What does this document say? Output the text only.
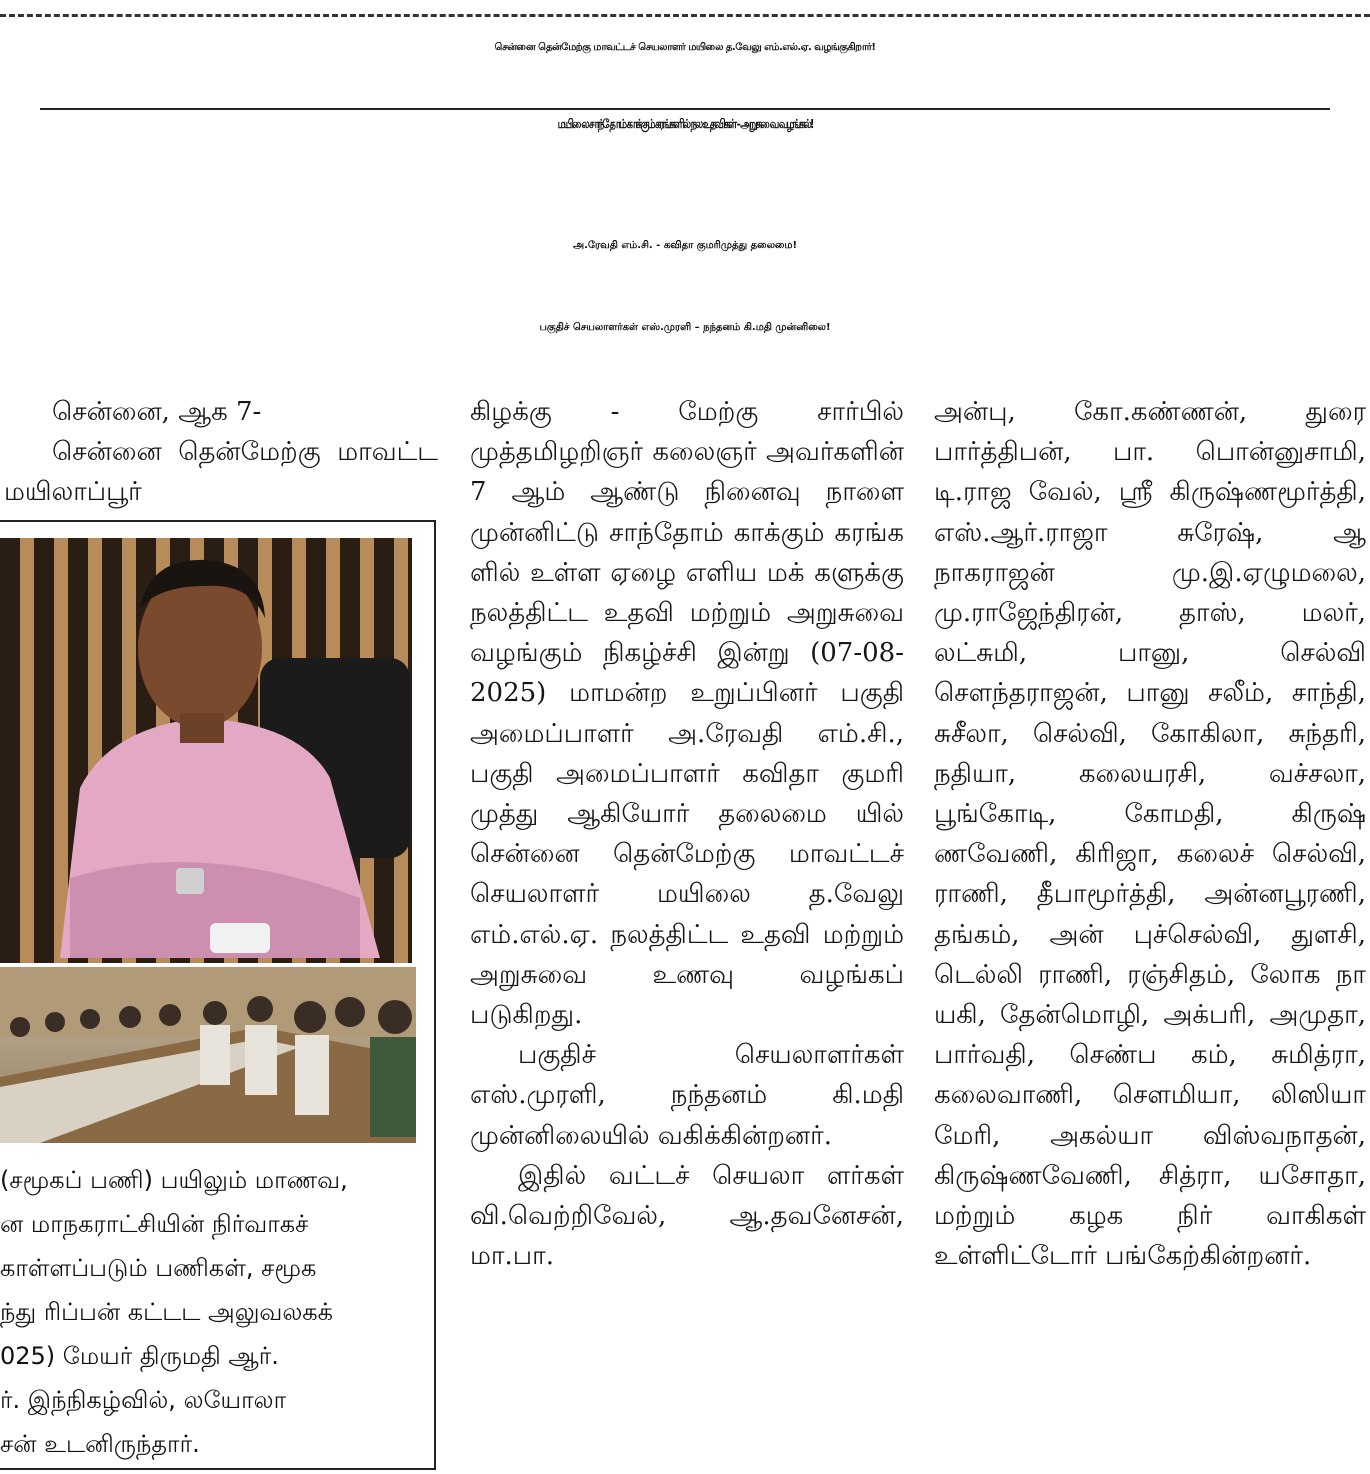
சென்னை தென்மேற்கு மாவட்டச் செயலாளர் மயிலை த.வேலு எம்.எல்.ஏ. வழங்குகிறார்!
மயிலை சாந்தோம் காக்கும் கரங்களில் நல உதவிகள் - அறுசுவை வழங்கல்!
அ.ரேவதி எம்.சி. - கவிதா குமரிமுத்து தலைமை!
பகுதிச் செயலாளர்கள் எஸ்.முரளி – நந்தனம் கி.மதி முன்னிலை!

சென்னை, ஆக 7-

சென்னை தென்மேற்கு மாவட்ட மயிலாப்பூர்

(சமூகப் பணி) பயிலும் மாணவ,
ன மாநகராட்சியின் நிர்வாகச்
காள்ளப்படும் பணிகள், சமூக
ந்து ரிப்பன் கட்டட அலுவலகக்
025) மேயர் திருமதி ஆர்.
ர். இந்நிகழ்வில், லயோலா
சன் உடனிருந்தார்.

கிழக்கு - மேற்கு சார்பில் முத்தமிழறிஞர் கலைஞர் அவர்களின் 7 ஆம் ஆண்டு நினைவு நாளை முன்னிட்டு சாந்தோம் காக்கும் கரங்க ளில் உள்ள ஏழை எளிய மக் களுக்கு நலத்திட்ட உதவி மற்றும் அறுசுவை வழங்கும் நிகழ்ச்சி இன்று (07-08-2025) மாமன்ற உறுப்பினர் பகுதி அமைப்பாளர் அ.ரேவதி எம்.சி., பகுதி அமைப்பாளர் கவிதா குமரி முத்து ஆகியோர் தலைமை யில் சென்னை தென்மேற்கு மாவட்டச் செயலாளர் மயிலை த.வேலு எம்.எல்.ஏ. நலத்திட்ட உதவி மற்றும் அறுசுவை உணவு வழங்கப் படுகிறது.

பகுதிச் செயலாளர்கள் எஸ்.முரளி, நந்தனம் கி.மதி முன்னிலையில் வகிக்கின்றனர்.

இதில் வட்டச் செயலா ளர்கள் வி.வெற்றிவேல், ஆ.தவனேசன், மா.பா.

அன்பு, கோ.கண்ணன், துரை பார்த்திபன், பா. பொன்னுசாமி, டி.ராஜ வேல், ஸ்ரீ கிருஷ்ணமூர்த்தி, எஸ்.ஆர்.ராஜா சுரேஷ், ஆ நாகராஜன் மு.இ.ஏழுமலை, மு.ராஜேந்திரன், தாஸ், மலர், லட்சுமி, பானு, செல்வி சௌந்தராஜன், பானு சலீம், சாந்தி, சுசீலா, செல்வி, கோகிலா, சுந்தரி, நதியா, கலையரசி, வச்சலா, பூங்கோடி, கோமதி, கிருஷ் ணவேணி, கிரிஜா, கலைச் செல்வி, ராணி, தீபாமூர்த்தி, அன்னபூரணி, தங்கம், அன் புச்செல்வி, துளசி, டெல்லி ராணி, ரஞ்சிதம், லோக நா யகி, தேன்மொழி, அக்பரி, அமுதா, பார்வதி, செண்ப கம், சுமித்ரா, கலைவாணி, சௌமியா, லிஸியா மேரி, அகல்யா விஸ்வநாதன், கிருஷ்ணவேணி, சித்ரா, யசோதா, மற்றும் கழக நிர் வாகிகள் உள்ளிட்டோர் பங்கேற்கின்றனர்.
